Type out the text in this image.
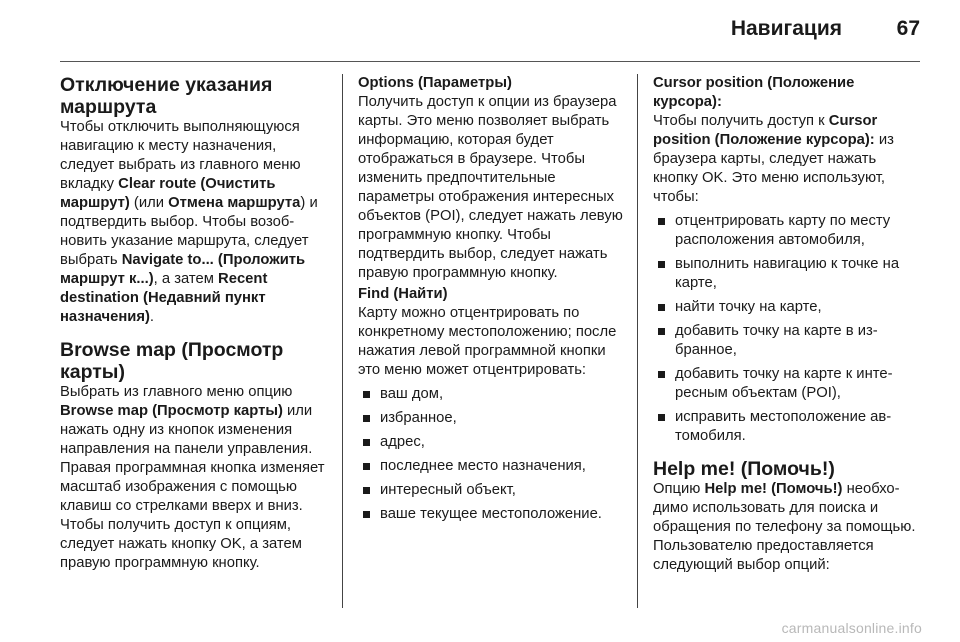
Навигация	67
Отключение указания маршрута

Чтобы отключить выполняющуюся навигацию к месту назначения, следует выбрать из главного меню вкладку Clear route (Очистить маршрут) (или Отмена маршрута) и подтвердить выбор. Чтобы возобновить указание маршрута, следует выбрать Navigate to... (Проложить маршрут к...), а затем Recent destination (Недавний пункт назначения).

Browse map (Просмотр карты)

Выбрать из главного меню опцию Browse map (Просмотр карты) или нажать одну из кнопок изменения направления на панели управления. Правая программная кнопка изменяет масштаб изображения с помощью клавиш со стрелками вверх и вниз. Чтобы получить доступ к опциям, следует нажать кнопку OK, а затем правую программную кнопку.

Options (Параметры)

Получить доступ к опции из браузера карты. Это меню позволяет выбрать информацию, которая будет отображаться в браузере. Чтобы изменить предпочтительные параметры отображения интересных объектов (POI), следует нажать левую программную кнопку. Чтобы подтвердить выбор, следует нажать правую программную кнопку.

Find (Найти)

Карту можно отцентрировать по конкретному местоположению; после нажатия левой программной кнопки это меню может отцентрировать:

ваш дом,
избранное,
адрес,
последнее место назначения,
интересный объект,
ваше текущее местоположение.
Cursor position (Положение курсора):

Чтобы получить доступ к Cursor position (Положение курсора): из браузера карты, следует нажать кнопку OK. Это меню используют, чтобы:

отцентрировать карту по месту расположения автомобиля,
выполнить навигацию к точке на карте,
найти точку на карте,
добавить точку на карте в избранное,
добавить точку на карте к интересным объектам (POI),
исправить местоположение автомобиля.
Help me! (Помочь!)

Опцию Help me! (Помочь!) необходимо использовать для поиска и обращения по телефону за помощью. Пользователю предоставляется следующий выбор опций:

carmanualsonline.info
